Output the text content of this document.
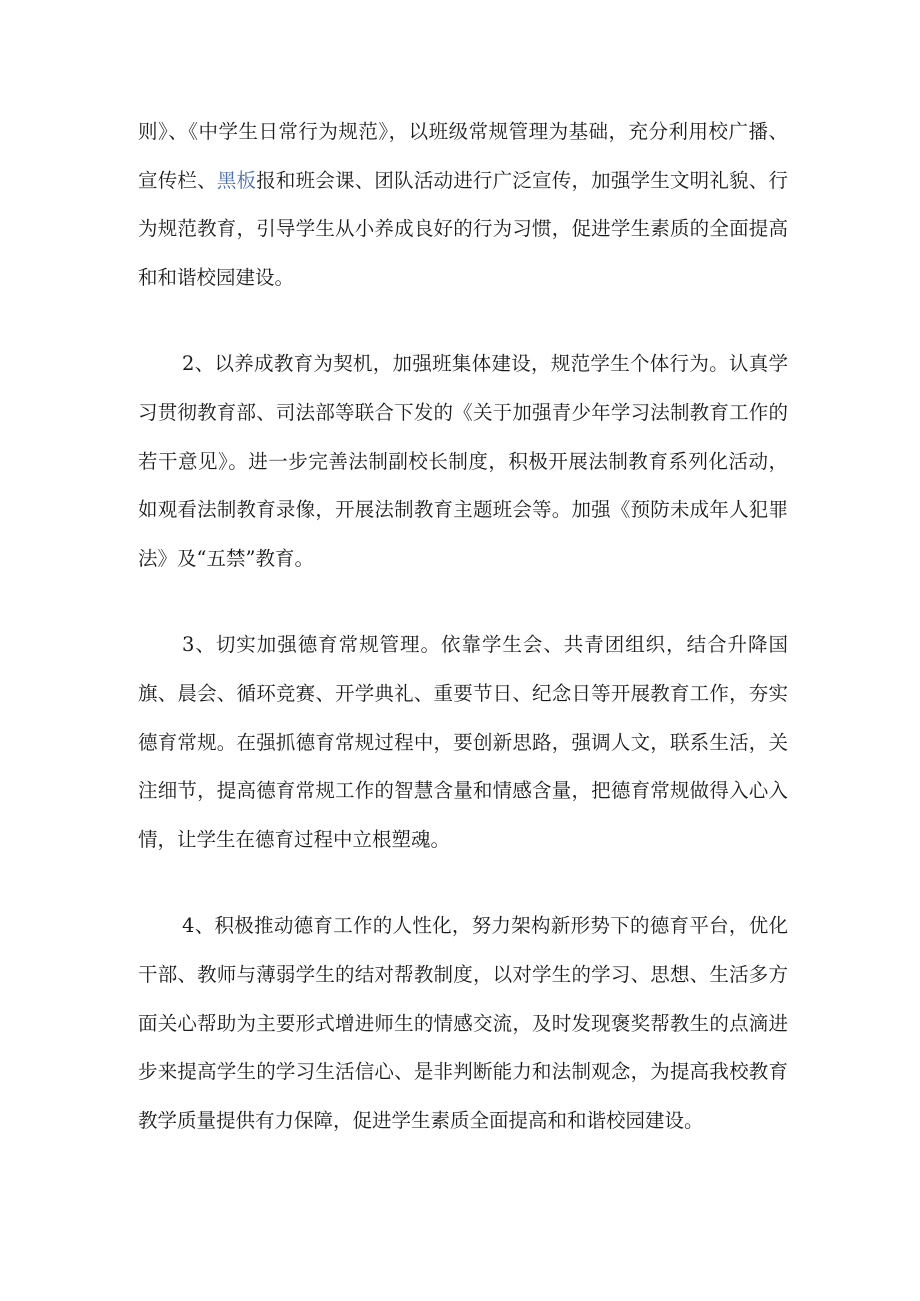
则》、《中学生日常行为规范》，以班级常规管理为基础，充分利用校广播、宣传栏、黑板报和班会课、团队活动进行广泛宣传，加强学生文明礼貌、行为规范教育，引导学生从小养成良好的行为习惯，促进学生素质的全面提高和和谐校园建设。

2、以养成教育为契机，加强班集体建设，规范学生个体行为。认真学习贯彻教育部、司法部等联合下发的《关于加强青少年学习法制教育工作的若干意见》。进一步完善法制副校长制度，积极开展法制教育系列化活动，如观看法制教育录像，开展法制教育主题班会等。加强《预防未成年人犯罪法》及“五禁”教育。

3、切实加强德育常规管理。依靠学生会、共青团组织，结合升降国旗、晨会、循环竞赛、开学典礼、重要节日、纪念日等开展教育工作，夯实德育常规。在强抓德育常规过程中，要创新思路，强调人文，联系生活，关注细节，提高德育常规工作的智慧含量和情感含量，把德育常规做得入心入情，让学生在德育过程中立根塑魂。

4、积极推动德育工作的人性化，努力架构新形势下的德育平台，优化干部、教师与薄弱学生的结对帮教制度，以对学生的学习、思想、生活多方面关心帮助为主要形式增进师生的情感交流，及时发现褒奖帮教生的点滴进步来提高学生的学习生活信心、是非判断能力和法制观念，为提高我校教育教学质量提供有力保障，促进学生素质全面提高和和谐校园建设。
